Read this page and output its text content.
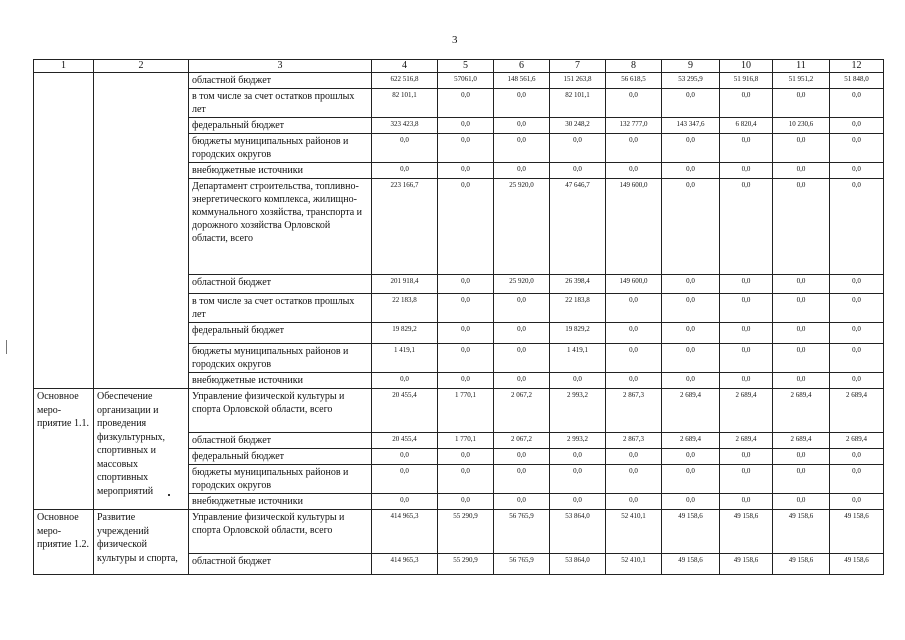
3
1	2	3	4	5	6	7	8	9	10	11	12
		областной бюджет	622 516,8	57061,0	148 561,6	151 263,8	56 618,5	53 295,9	51 916,8	51 951,2	51 848,0
		в том числе за счет остатков прошлых лет	82 101,1	0,0	0,0	82 101,1	0,0	0,0	0,0	0,0	0,0
		федеральный бюджет	323 423,8	0,0	0,0	30 248,2	132 777,0	143 347,6	6 820,4	10 230,6	0,0
		бюджеты муниципальных районов и городских округов	0,0	0,0	0,0	0,0	0,0	0,0	0,0	0,0	0,0
		внебюджетные источники	0,0	0,0	0,0	0,0	0,0	0,0	0,0	0,0	0,0
		Департамент строительства, топливно-энергетического комплекса, жилищно-коммунального хозяйства, транспорта и дорожного хозяйства Орловской области, всего	223 166,7	0,0	25 920,0	47 646,7	149 600,0	0,0	0,0	0,0	0,0
		областной бюджет	201 918,4	0,0	25 920,0	26 398,4	149 600,0	0,0	0,0	0,0	0,0
		в том числе за счет остатков прошлых лет	22 183,8	0,0	0,0	22 183,8	0,0	0,0	0,0	0,0	0,0
		федеральный бюджет	19 829,2	0,0	0,0	19 829,2	0,0	0,0	0,0	0,0	0,0
		бюджеты муниципальных районов и городских округов	1 419,1	0,0	0,0	1 419,1	0,0	0,0	0,0	0,0	0,0
		внебюджетные источники	0,0	0,0	0,0	0,0	0,0	0,0	0,0	0,0	0,0
Основное меро-приятие 1.1.	Обеспечение организации и проведения физкультурных, спортивных и массовых спортивных мероприятий	Управление физической культуры и спорта Орловской области, всего	20 455,4	1 770,1	2 067,2	2 993,2	2 867,3	2 689,4	2 689,4	2 689,4	2 689,4
		областной бюджет	20 455,4	1 770,1	2 067,2	2 993,2	2 867,3	2 689,4	2 689,4	2 689,4	2 689,4
		федеральный бюджет	0,0	0,0	0,0	0,0	0,0	0,0	0,0	0,0	0,0
		бюджеты муниципальных районов и городских округов	0,0	0,0	0,0	0,0	0,0	0,0	0,0	0,0	0,0
		внебюджетные источники	0,0	0,0	0,0	0,0	0,0	0,0	0,0	0,0	0,0
Основное меро-приятие 1.2.	Развитие учреждений физической культуры и спорта,	Управление физической культуры и спорта Орловской области, всего	414 965,3	55 290,9	56 765,9	53 864,0	52 410,1	49 158,6	49 158,6	49 158,6	49 158,6
		областной бюджет	414 965,3	55 290,9	56 765,9	53 864,0	52 410,1	49 158,6	49 158,6	49 158,6	49 158,6
